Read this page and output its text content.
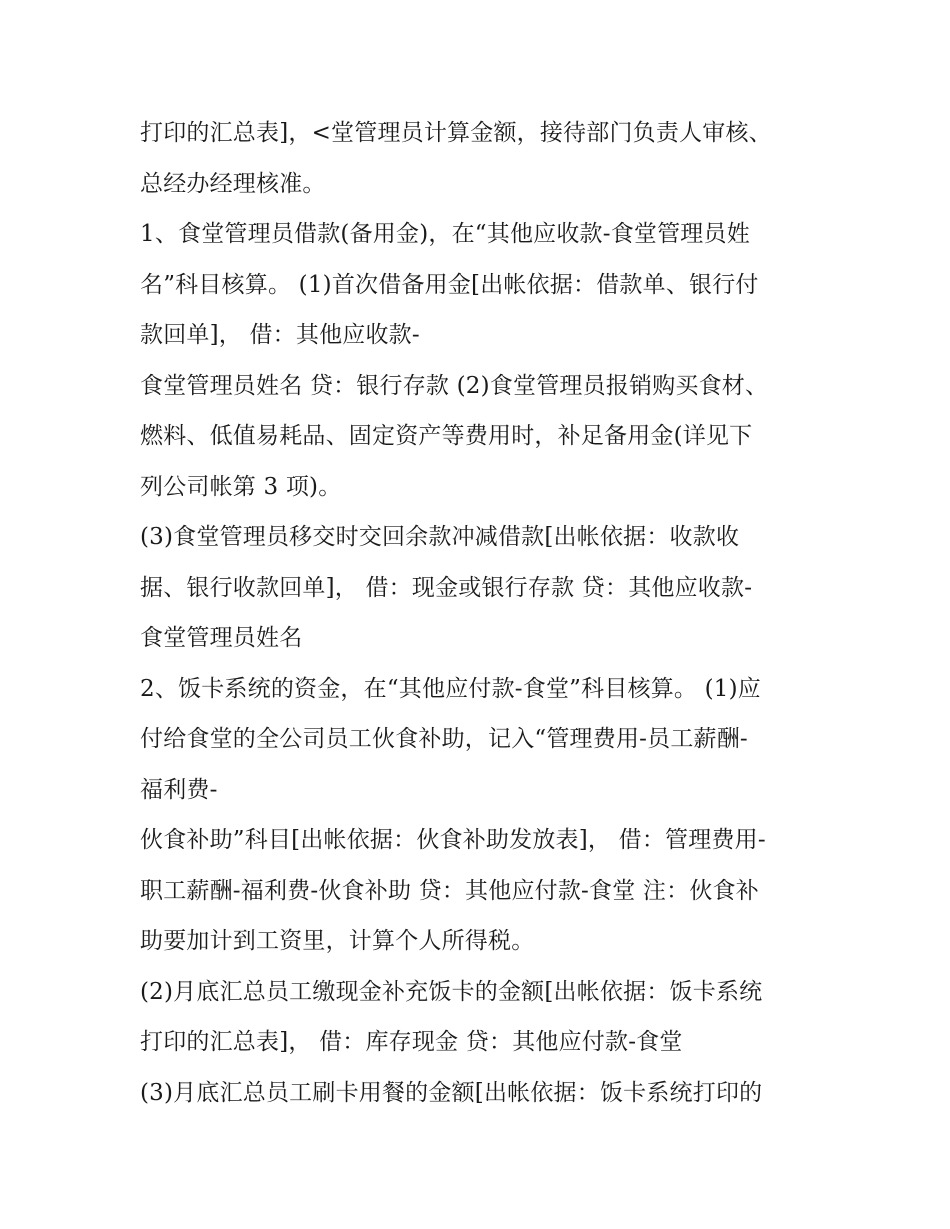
打印的汇总表]，<堂管理员计算金额，接待部门负责人审核、
总经办经理核准。
1、食堂管理员借款(备用金)，在“其他应收款-食堂管理员姓
名”科目核算。 (1)首次借备用金[出帐依据：借款单、银行付
款回单]， 借：其他应收款-
食堂管理员姓名 贷：银行存款 (2)食堂管理员报销购买食材、
燃料、低值易耗品、固定资产等费用时，补足备用金(详见下
列公司帐第 3 项)。
(3)食堂管理员移交时交回余款冲减借款[出帐依据：收款收
据、银行收款回单]， 借：现金或银行存款 贷：其他应收款-
食堂管理员姓名
2、饭卡系统的资金，在“其他应付款-食堂”科目核算。 (1)应
付给食堂的全公司员工伙食补助，记入“管理费用-员工薪酬-
福利费-
伙食补助”科目[出帐依据：伙食补助发放表]， 借：管理费用-
职工薪酬-福利费-伙食补助 贷：其他应付款-食堂 注：伙食补
助要加计到工资里，计算个人所得税。
(2)月底汇总员工缴现金补充饭卡的金额[出帐依据：饭卡系统
打印的汇总表]， 借：库存现金 贷：其他应付款-食堂
(3)月底汇总员工刷卡用餐的金额[出帐依据：饭卡系统打印的
